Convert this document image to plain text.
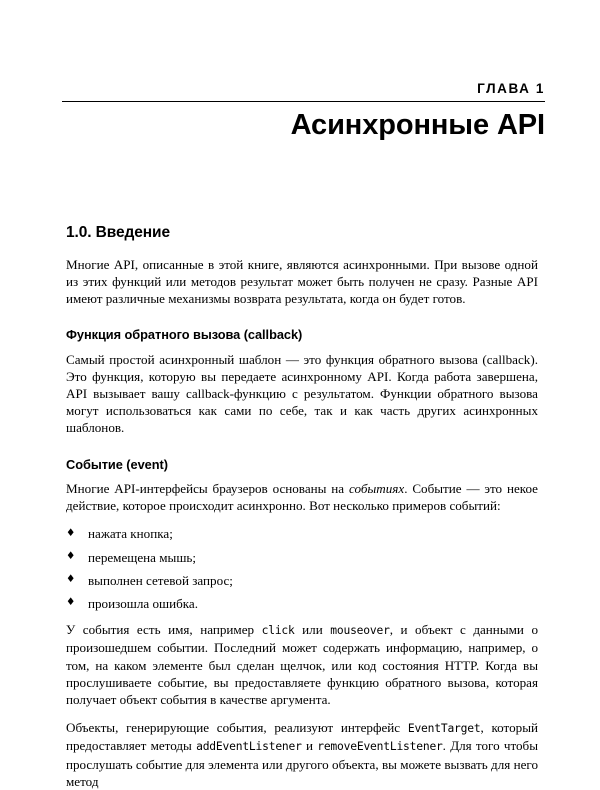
ГЛАВА 1
Асинхронные API
1.0. Введение

Многие API, описанные в этой книге, являются асинхронными. При вызове одной из этих функций или методов результат может быть получен не сразу. Разные API имеют различные механизмы возврата результата, когда он будет готов.

Функция обратного вызова (callback)

Самый простой асинхронный шаблон — это функция обратного вызова (callback). Это функция, которую вы передаете асинхронному API. Когда работа завершена, API вызывает вашу callback-функцию с результатом. Функции обратного вызова могут использоваться как сами по себе, так и как часть других асинхронных шаблонов.

Событие (event)

Многие API-интерфейсы браузеров основаны на событиях. Событие — это некое действие, которое происходит асинхронно. Вот несколько примеров событий:

♦ нажата кнопка;
♦ перемещена мышь;
♦ выполнен сетевой запрос;
♦ произошла ошибка.

У события есть имя, например click или mouseover, и объект с данными о произошедшем событии. Последний может содержать информацию, например, о том, на каком элементе был сделан щелчок, или код состояния HTTP. Когда вы прослушиваете событие, вы предоставляете функцию обратного вызова, которая получает объект события в качестве аргумента.

Объекты, генерирующие события, реализуют интерфейс EventTarget, который предоставляет методы addEventListener и removeEventListener. Для того чтобы прослушать событие для элемента или другого объекта, вы можете вызвать для него метод
